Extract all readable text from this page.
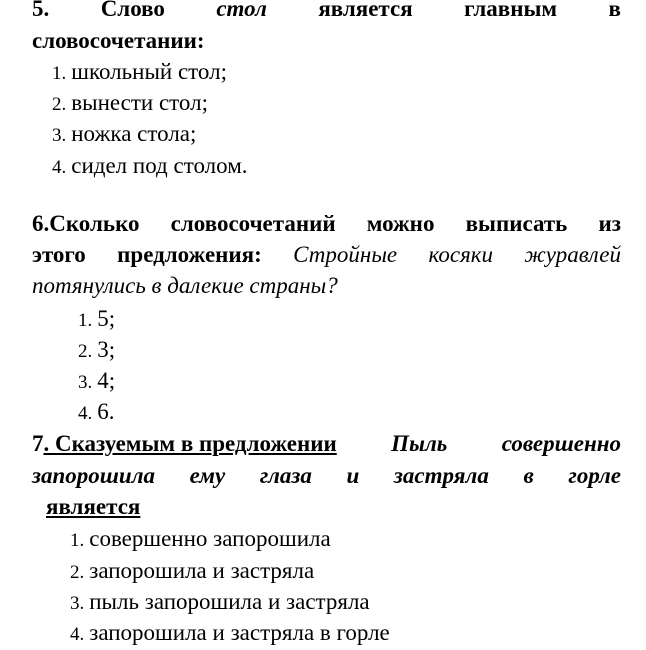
5. Слово стол является главным в
словосочетании:
1. школьный стол;
2. вынести стол;
3. ножка стола;
4. сидел под столом.
6.Сколько словосочетаний можно выписать из
этого предложения: Стройные косяки журавлей
потянулись в далекие страны?
1. 5;
2. 3;
3. 4;
4. 6.
7. Сказуемым в предложении Пыль совершенно
запорошила ему глаза и застряла в горле
является
1. совершенно запорошила
2. запорошила и застряла
3. пыль запорошила и застряла
4. запорошила и застряла в горле
